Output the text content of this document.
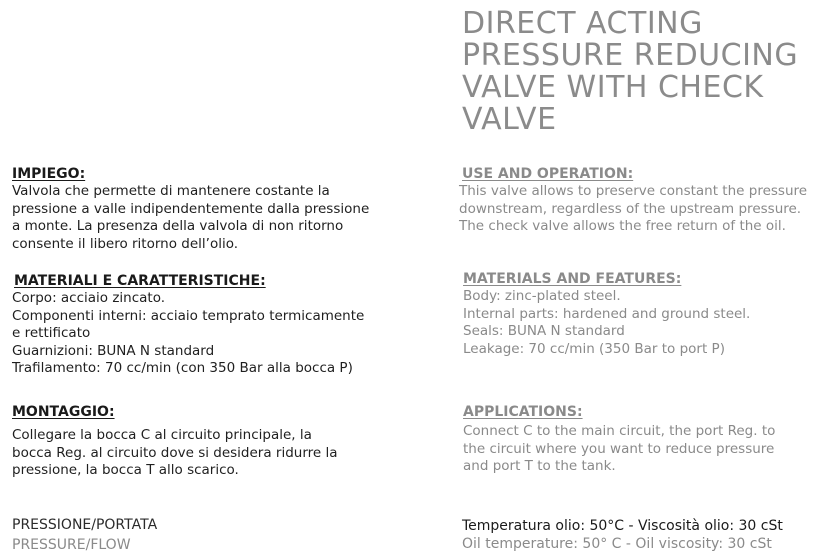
DIRECT ACTING
PRESSURE REDUCING
VALVE WITH CHECK
VALVE

IMPIEGO:

Valvola che permette di mantenere costante la
pressione a valle indipendentemente dalla pressione
a monte. La presenza della valvola di non ritorno
consente il libero ritorno dell’olio.

USE AND OPERATION:

This valve allows to preserve constant the pressure
downstream, regardless of the upstream pressure.
The check valve allows the free return of the oil.

MATERIALI E CARATTERISTICHE:

Corpo: acciaio zincato.
Componenti interni: acciaio temprato termicamente
e rettificato
Guarnizioni: BUNA N standard
Trafilamento: 70 cc/min (con 350 Bar alla bocca P)

MATERIALS AND FEATURES:

Body: zinc-plated steel.
Internal parts: hardened and ground steel.
Seals: BUNA N standard
Leakage: 70 cc/min (350 Bar to port P)

MONTAGGIO:

Collegare la bocca C al circuito principale, la
bocca Reg. al circuito dove si desidera ridurre la
pressione, la bocca T allo scarico.

APPLICATIONS:

Connect C to the main circuit, the port Reg. to
the circuit where you want to reduce pressure
and port T to the tank.
PRESSIONE/PORTATA
PRESSURE/FLOW
Temperatura olio: 50°C - Viscosità olio: 30 cSt
Oil temperature: 50° C - Oil viscosity: 30 cSt
